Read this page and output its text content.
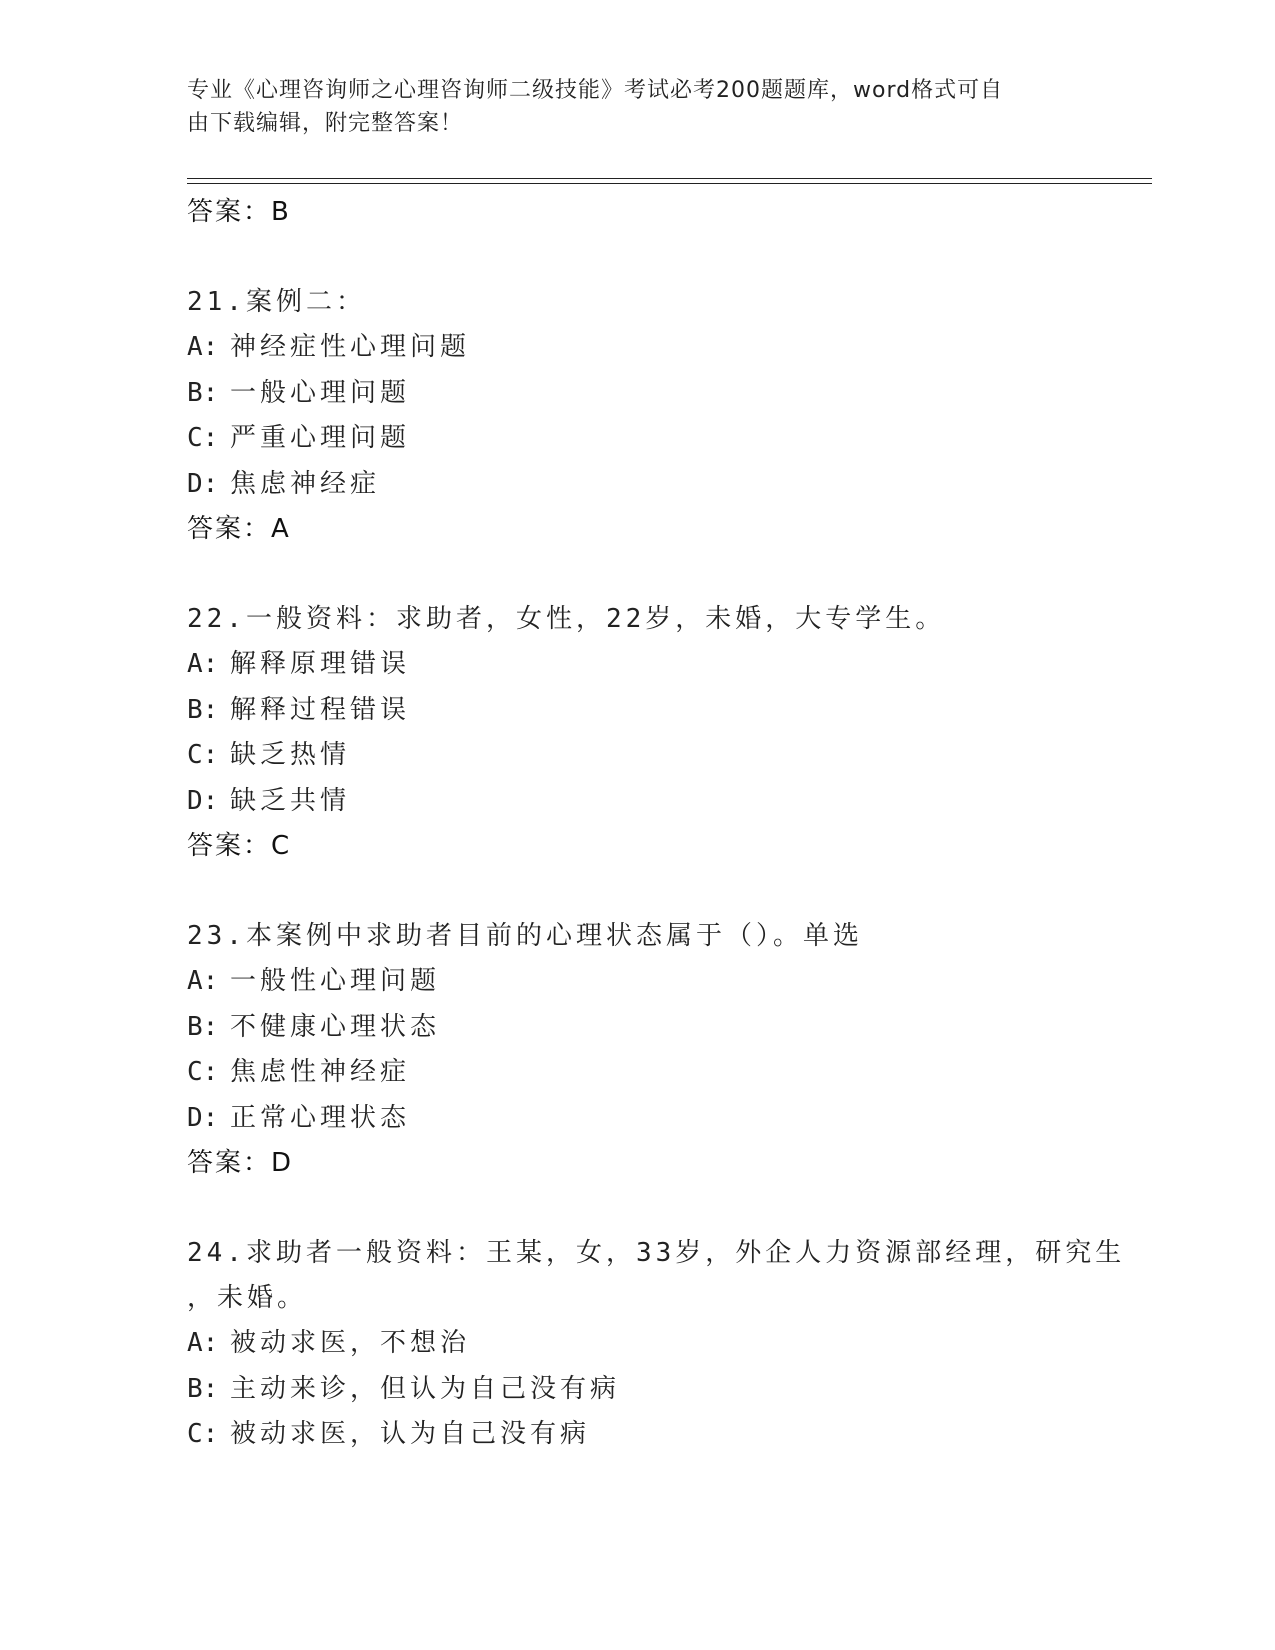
专业《心理咨询师之心理咨询师二级技能》考试必考200题题库，word格式可自
由下载编辑，附完整答案！
答案：B
21.案例二：
A: 神经症性心理问题
B: 一般心理问题
C: 严重心理问题
D: 焦虑神经症
答案：A
22.一般资料：求助者，女性，22岁，未婚，大专学生。
A: 解释原理错误
B: 解释过程错误
C: 缺乏热情
D: 缺乏共情
答案：C
23.本案例中求助者目前的心理状态属于（）。单选
A: 一般性心理问题
B: 不健康心理状态
C: 焦虑性神经症
D: 正常心理状态
答案：D
24.求助者一般资料：王某，女，33岁，外企人力资源部经理，研究生
，未婚。
A: 被动求医，不想治
B: 主动来诊，但认为自己没有病
C: 被动求医，认为自己没有病
